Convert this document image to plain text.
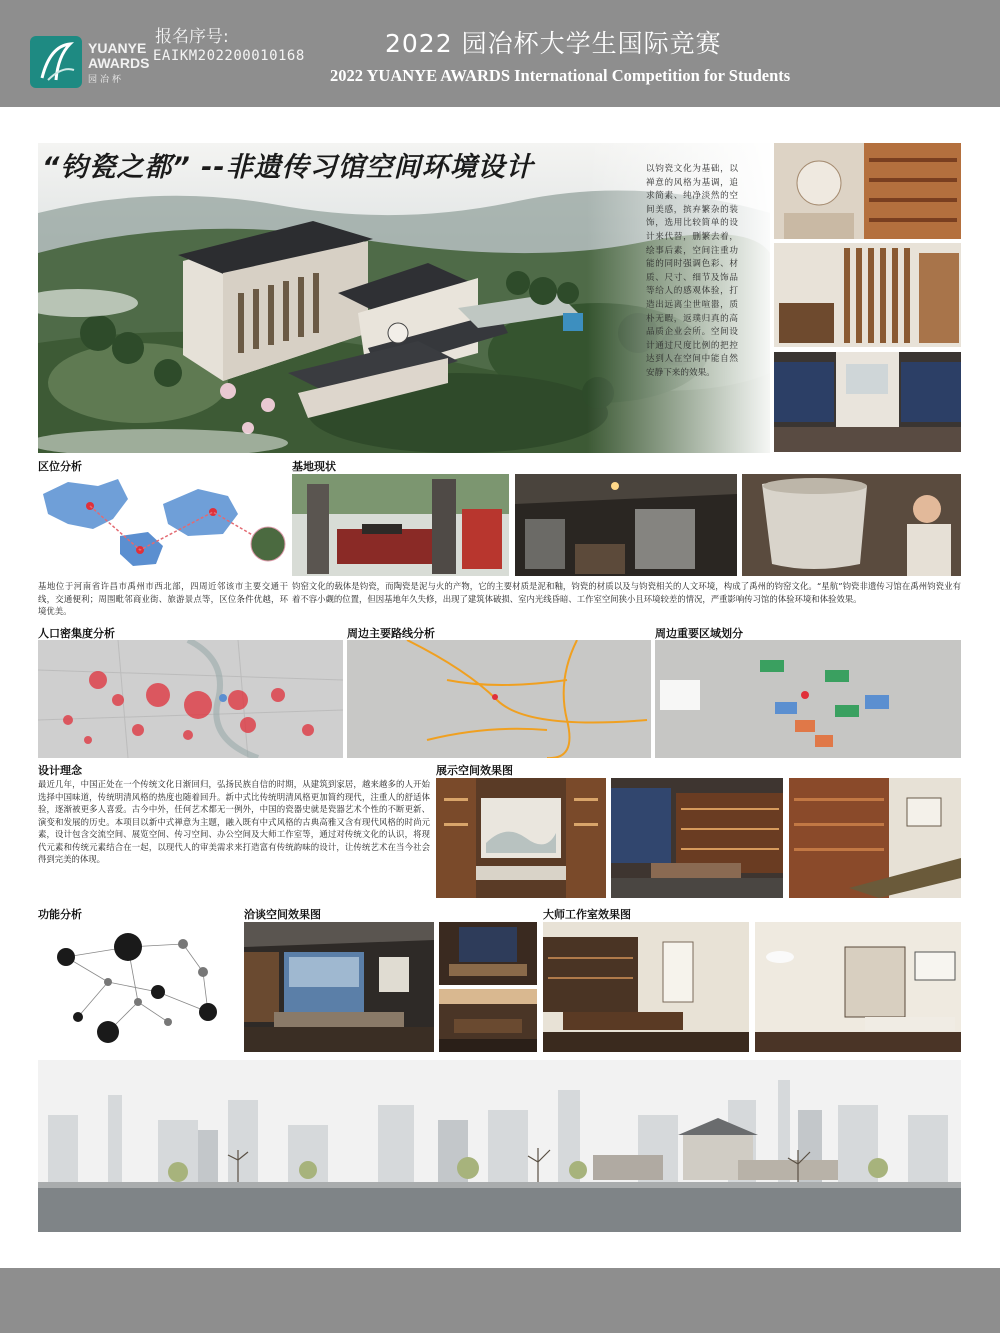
YUANYE
AWARDS
园冶杯
报名序号:
EAIKM202200010168	2022 园冶杯大学生国际竞赛
2022 YUANYE AWARDS International Competition for Students
“钧瓷之都” --非遗传习馆空间环境设计	以钧瓷文化为基础，以禅意的风格为基调，追求简素、纯净淡然的空间美感，摈弃繁杂的装饰，选用比较简单的设计来代替，删繁去着，绘事后素，空间注重功能的同时强调色彩、材质、尺寸、细节及饰品等给人的感观体验，打造出远离尘世喧嚣，质朴无暇，返璞归真的高品质企业会所。空间设计通过尺度比例的把控达到人在空间中能自然安静下来的效果。
区位分析
基地位于河南省许昌市禹州市西北部，四周近邻该市主要交通干线，交通便利；周围毗邻商业街、旅游景点等，区位条件优越，环境优美。
基地现状
钧窑文化的载体是钧瓷，而陶瓷是泥与火的产物，它的主要材质是泥和釉，钧瓷的材质以及与钧瓷相关的人文环境，构成了禹州的钧窑文化。“星航”钧瓷非遗传习馆在禹州钧瓷业有着不容小觑的位置，但因基地年久失修，出现了建筑体破损、室内光线昏暗、工作室空间狭小且环境较差的情况，严重影响传习馆的体验环境和体验效果。
人口密集度分析	周边主要路线分析	周边重要区域划分
设计理念
最近几年，中国正处在一个传统文化日渐回归，弘扬民族自信的时期，从建筑到家居，越来越多的人开始选择中国味道，传统明清风格的热度也随着回升。新中式比传统明清风格更加简约现代，注重人的舒适体验，逐渐被更多人喜爱。古今中外，任何艺术都无一例外，中国的瓷器史就是瓷器艺术个性的不断更新、演变和发展的历史。本项目以新中式禅意为主题，融入既有中式风格的古典高雅又含有现代风格的时尚元素，设计包含交流空间、展览空间、传习空间、办公空间及大师工作室等，通过对传统文化的认识，将现代元素和传统元素结合在一起，以现代人的审美需求来打造富有传统韵味的设计，让传统艺术在当今社会得到完美的体现。
展示空间效果图
功能分析	洽谈空间效果图	大师工作室效果图
